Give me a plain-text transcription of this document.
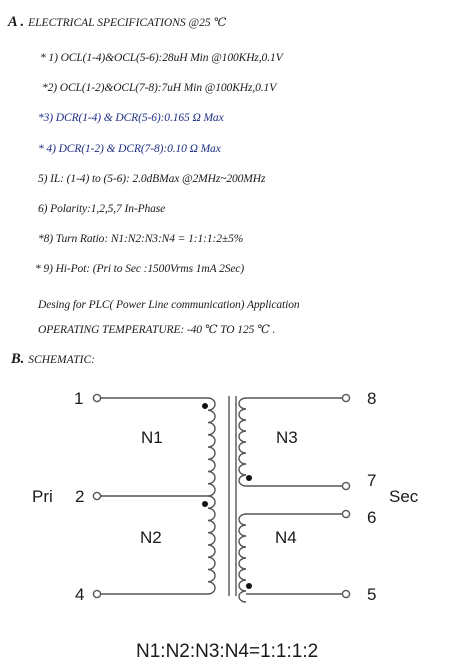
A . ELECTRICAL SPECIFICATIONS @25 ℃
* 1) OCL(1-4)&OCL(5-6):28uH Min @100KHz,0.1V
*2) OCL(1-2)&OCL(7-8):7uH Min @100KHz,0.1V
*3) DCR(1-4) & DCR(5-6):0.165 Ω Max
* 4) DCR(1-2) & DCR(7-8):0.10 Ω Max
5) IL: (1-4) to (5-6): 2.0dBMax @2MHz~200MHz
6) Polarity:1,2,5,7 In-Phase
*8) Turn Ratio: N1:N2:N3:N4 = 1:1:1:2±5%
* 9) Hi-Pot: (Pri to Sec :1500Vrms 1mA 2Sec)
Desing for PLC( Power Line communication) Application
OPERATING TEMPERATURE: -40 ℃ TO 125 ℃ .
B. SCHEMATIC:
1
2
4
8
7
6
5
N1
N2
N3
N4
Pri	Sec
N1:N2:N3:N4=1:1:1:2
